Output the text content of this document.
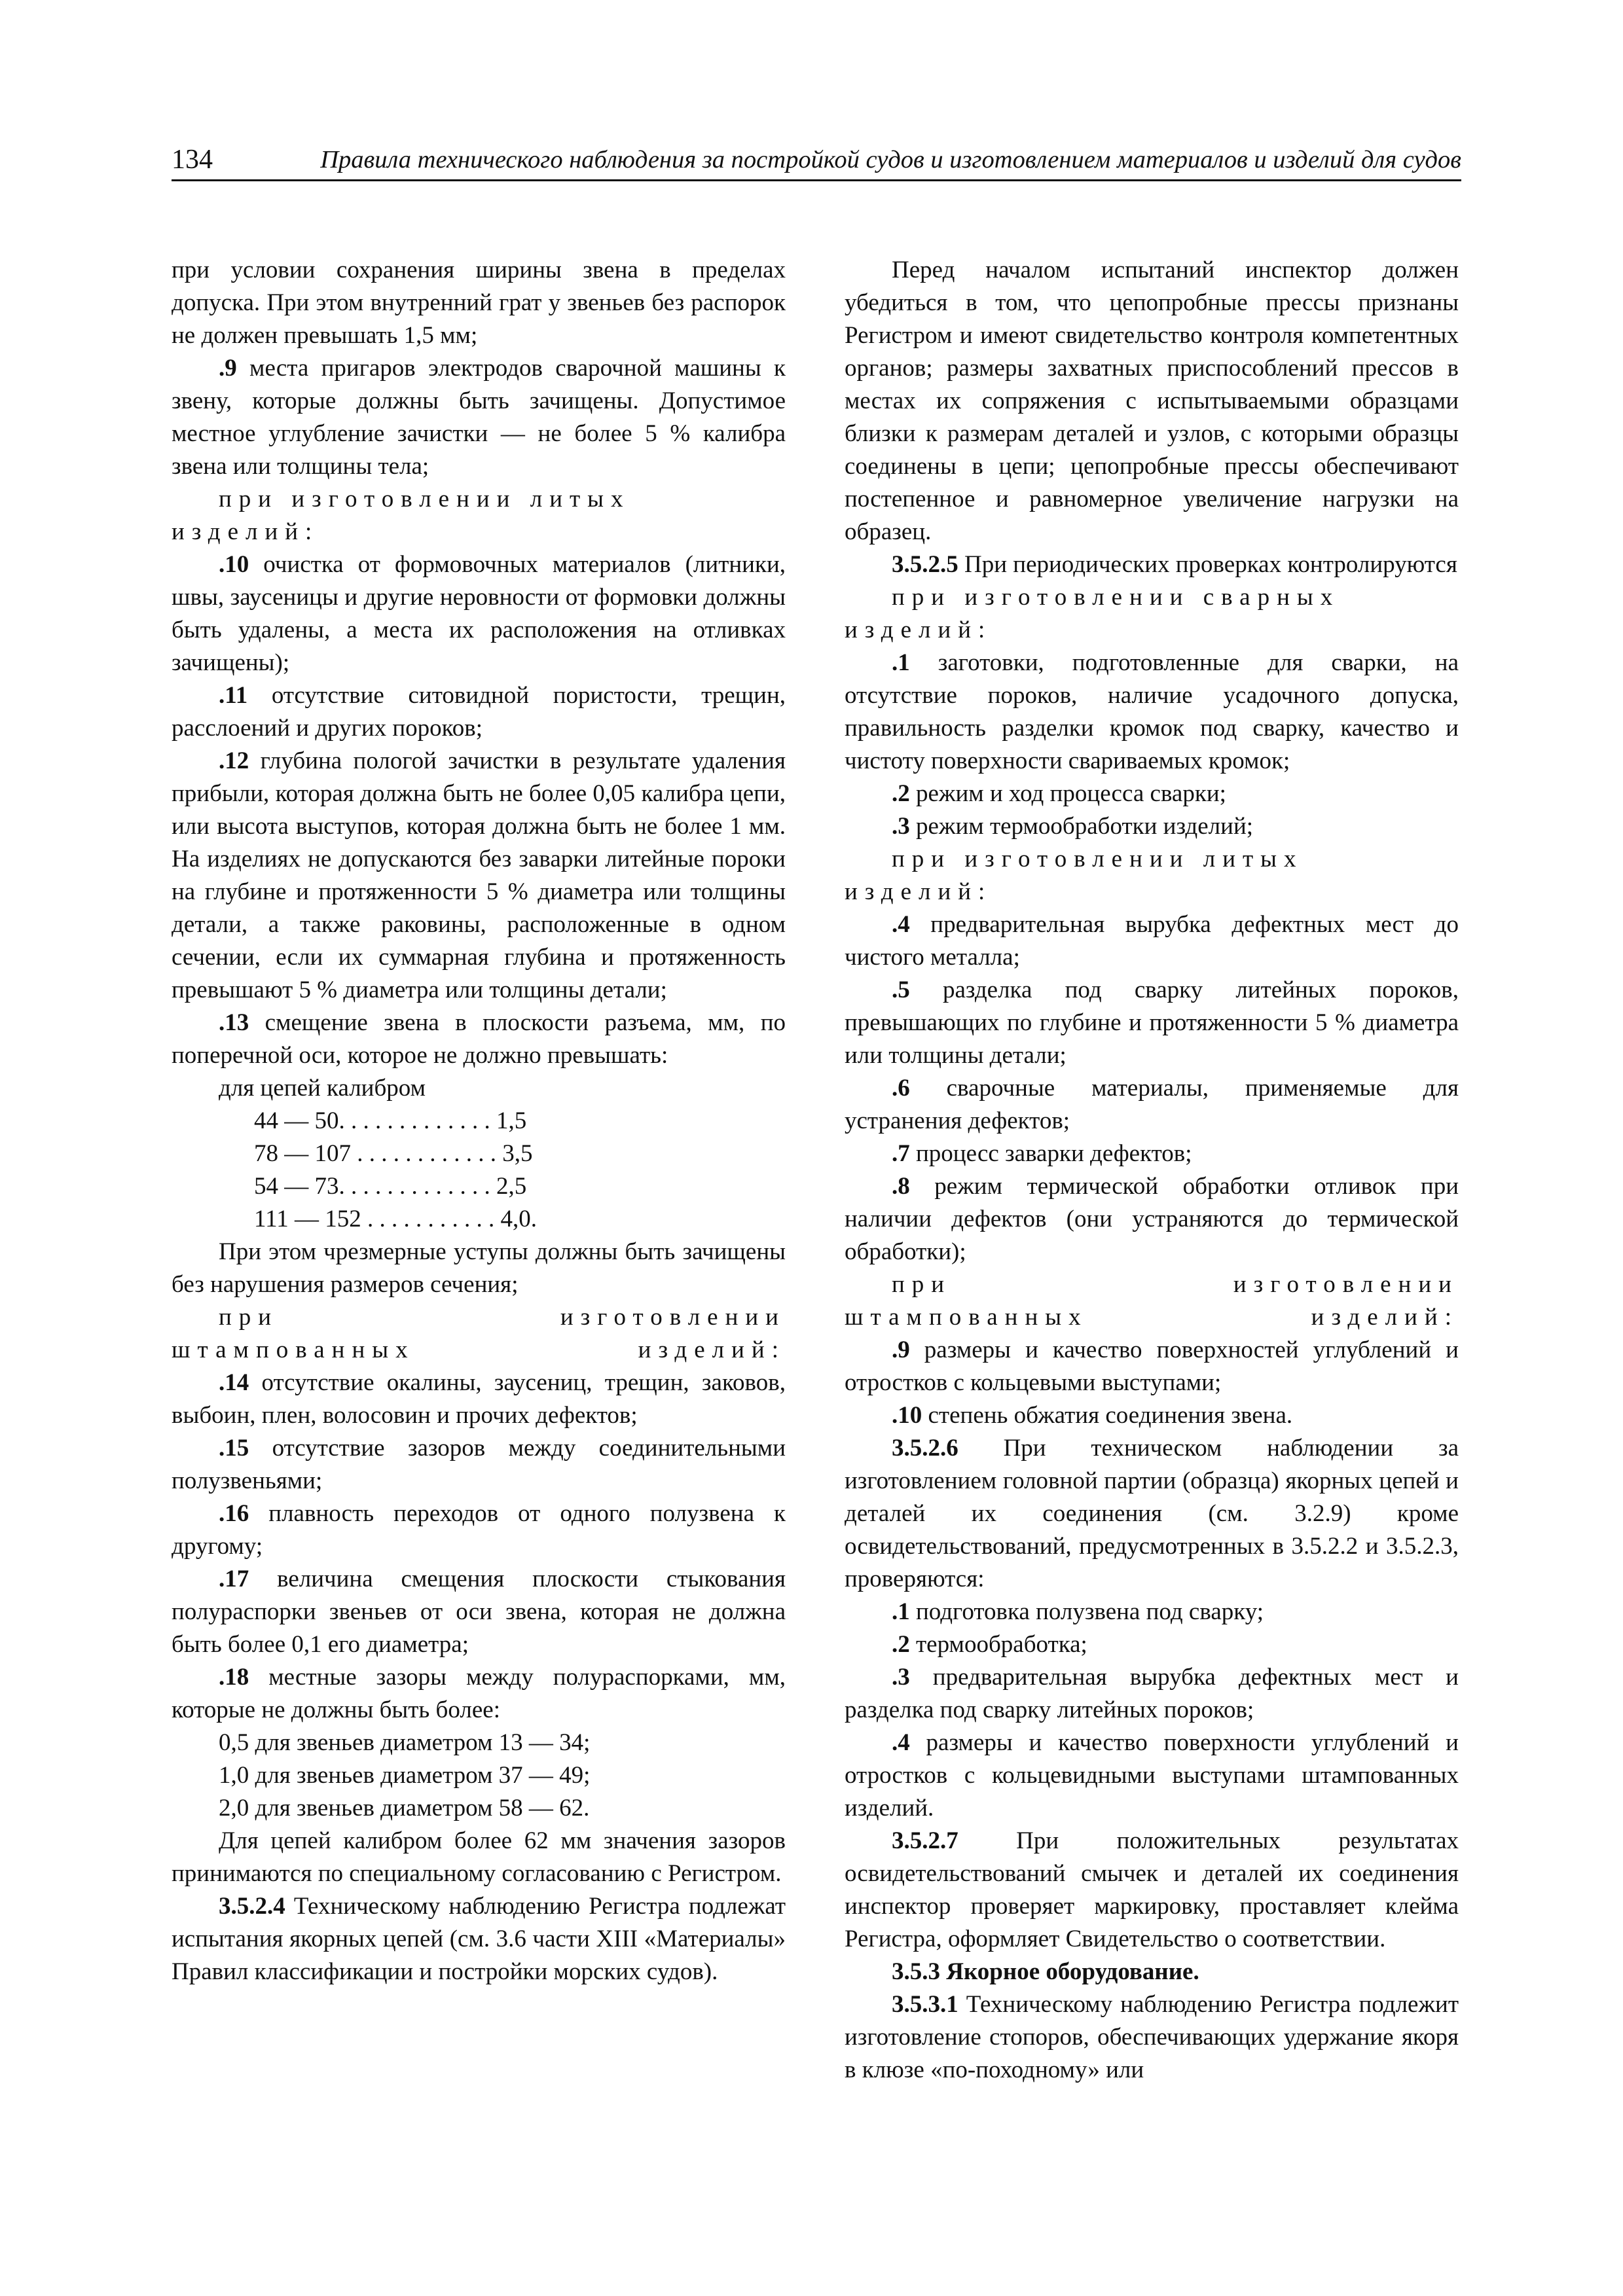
134	Правила технического наблюдения за постройкой судов и изготовлением материалов и изделий для судов

при условии сохранения ширины звена в пределах допуска. При этом внутренний грат у звеньев без распорок не должен превышать 1,5 мм;

.9 места пригаров электродов сварочной машины к звену, которые должны быть зачищены. Допустимое местное углубление зачистки — не более 5 % калибра звена или толщины тела;

при изготовлении литых изделий:

.10 очистка от формовочных материалов (литники, швы, заусеницы и другие неровности от формовки должны быть удалены, а места их расположения на отливках зачищены);

.11 отсутствие ситовидной пористости, трещин, расслоений и других пороков;

.12 глубина пологой зачистки в результате удаления прибыли, которая должна быть не более 0,05 калибра цепи, или высота выступов, которая должна быть не более 1 мм. На изделиях не допускаются без заварки литейные пороки на глубине и протяженности 5 % диаметра или толщины детали, а также раковины, расположенные в одном сечении, если их суммарная глубина и протяженность превышают 5 % диаметра или толщины детали;

.13 смещение звена в плоскости разъема, мм, по поперечной оси, которое не должно превышать:

для цепей калибром

44 — 50. . . . . . . . . . . . . 1,5

78 — 107 . . . . . . . . . . . . 3,5

54 — 73. . . . . . . . . . . . . 2,5

111 — 152 . . . . . . . . . . . 4,0.

При этом чрезмерные уступы должны быть зачищены без нарушения размеров сечения;

при изготовлении штампованных изделий:

.14 отсутствие окалины, заусениц, трещин, заковов, выбоин, плен, волосовин и прочих дефектов;

.15 отсутствие зазоров между соединительными полузвеньями;

.16 плавность переходов от одного полузвена к другому;

.17 величина смещения плоскости стыкования полураспорки звеньев от оси звена, которая не должна быть более 0,1 его диаметра;

.18 местные зазоры между полураспорками, мм, которые не должны быть более:

0,5 для звеньев диаметром 13 — 34;

1,0 для звеньев диаметром 37 — 49;

2,0 для звеньев диаметром 58 — 62.

Для цепей калибром более 62 мм значения зазоров принимаются по специальному согласованию с Регистром.

3.5.2.4 Техническому наблюдению Регистра подлежат испытания якорных цепей (см. 3.6 части XIII «Материалы» Правил классификации и постройки морских судов).

Перед началом испытаний инспектор должен убедиться в том, что цепопробные прессы признаны Регистром и имеют свидетельство контроля компетентных органов; размеры захватных приспособлений прессов в местах их сопряжения с испытываемыми образцами близки к размерам деталей и узлов, с которыми образцы соединены в цепи; цепопробные прессы обеспечивают постепенное и равномерное увеличение нагрузки на образец.

3.5.2.5 При периодических проверках контролируются

при изготовлении сварных изделий:

.1 заготовки, подготовленные для сварки, на отсутствие пороков, наличие усадочного допуска, правильность разделки кромок под сварку, качество и чистоту поверхности свариваемых кромок;

.2 режим и ход процесса сварки;

.3 режим термообработки изделий;

при изготовлении литых изделий:

.4 предварительная вырубка дефектных мест до чистого металла;

.5 разделка под сварку литейных пороков, превышающих по глубине и протяженности 5 % диаметра или толщины детали;

.6 сварочные материалы, применяемые для устранения дефектов;

.7 процесс заварки дефектов;

.8 режим термической обработки отливок при наличии дефектов (они устраняются до термической обработки);

при изготовлении штампованных изделий:

.9 размеры и качество поверхностей углублений и отростков с кольцевыми выступами;

.10 степень обжатия соединения звена.

3.5.2.6 При техническом наблюдении за изготовлением головной партии (образца) якорных цепей и деталей их соединения (см. 3.2.9) кроме освидетельствований, предусмотренных в 3.5.2.2 и 3.5.2.3, проверяются:

.1 подготовка полузвена под сварку;

.2 термообработка;

.3 предварительная вырубка дефектных мест и разделка под сварку литейных пороков;

.4 размеры и качество поверхности углублений и отростков с кольцевидными выступами штампованных изделий.

3.5.2.7 При положительных результатах освидетельствований смычек и деталей их соединения инспектор проверяет маркировку, проставляет клейма Регистра, оформляет Свидетельство о соответствии.

3.5.3 Якорное оборудование.

3.5.3.1 Техническому наблюдению Регистра подлежит изготовление стопоров, обеспечивающих удержание якоря в клюзе «по-походному» или
